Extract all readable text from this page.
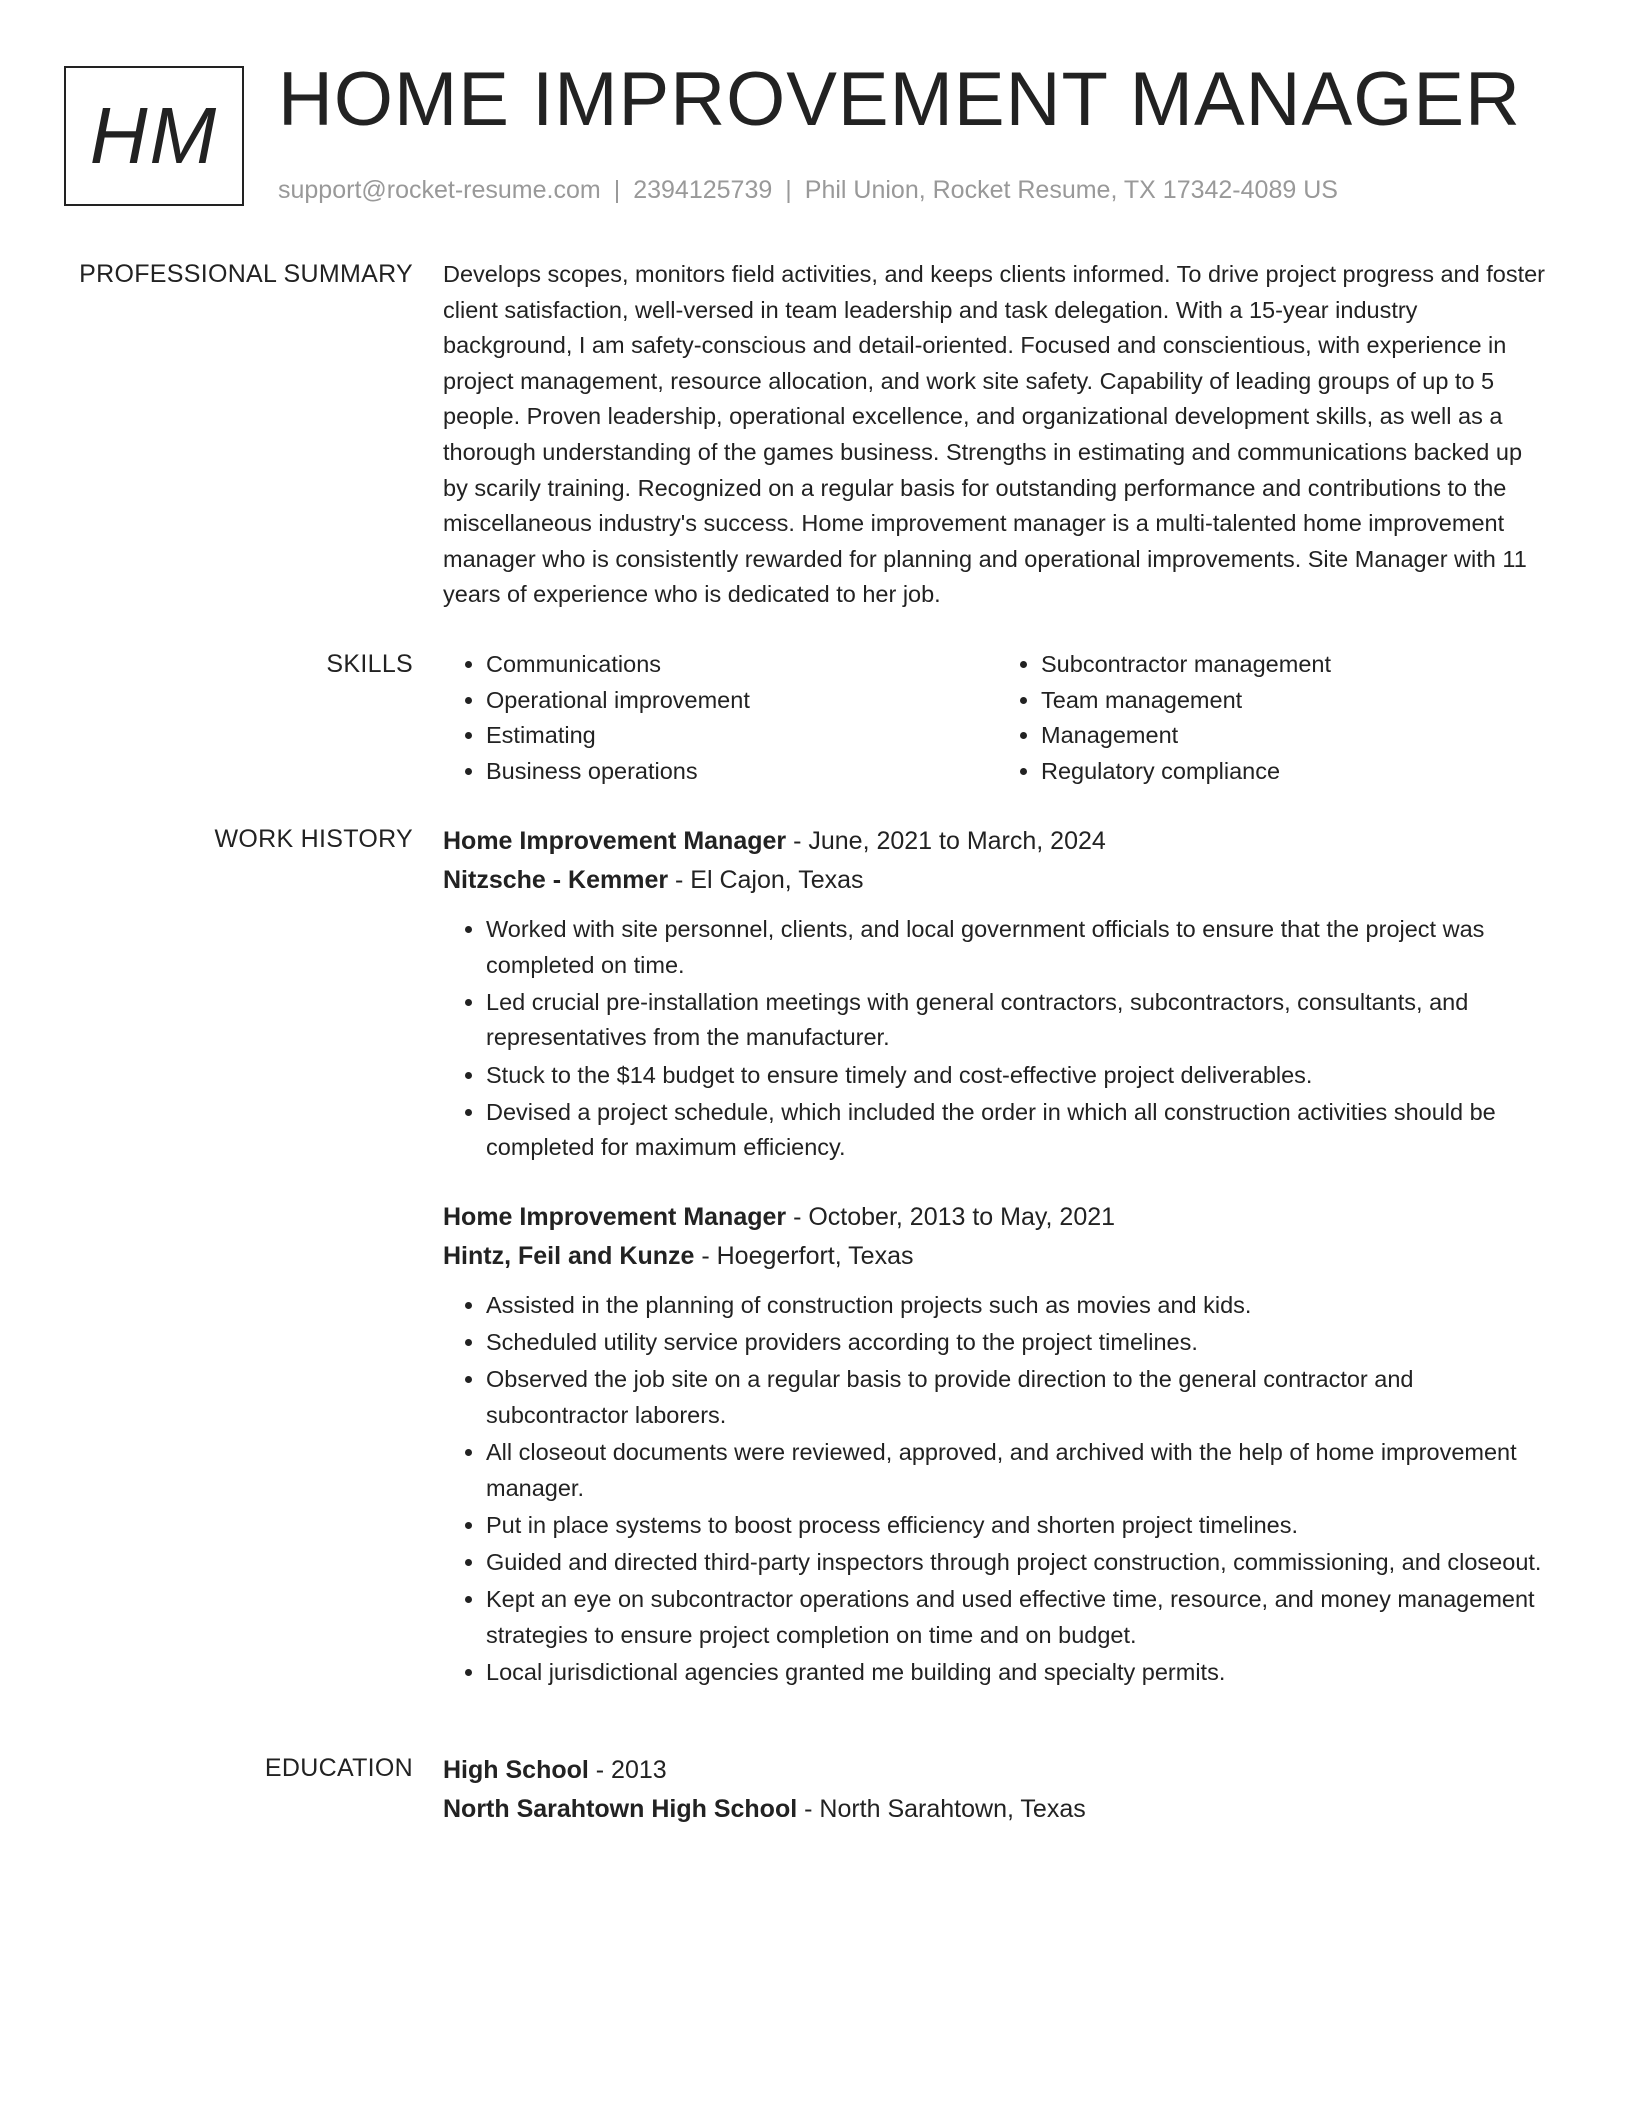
HM HOME IMPROVEMENT MANAGER
support@rocket-resume.com | 2394125739 | Phil Union, Rocket Resume, TX 17342-4089 US
PROFESSIONAL SUMMARY Develops scopes, monitors field activities, and keeps clients informed. To drive project progress and foster client satisfaction, well-versed in team leadership and task delegation. With a 15-year industry background, I am safety-conscious and detail-oriented. Focused and conscientious, with experience in project management, resource allocation, and work site safety. Capability of leading groups of up to 5 people. Proven leadership, operational excellence, and organizational development skills, as well as a thorough understanding of the games business. Strengths in estimating and communications backed up by scarily training. Recognized on a regular basis for outstanding performance and contributions to the miscellaneous industry's success. Home improvement manager is a multi-talented home improvement manager who is consistently rewarded for planning and operational improvements. Site Manager with 11 years of experience who is dedicated to her job.

SKILLS
•	Communications
• Operational improvement
• Estimating
• Business operations
• Subcontractor management
• Team management
• Management
• Regulatory compliance
WORK HISTORY Home Improvement Manager - June, 2021 to March, 2024
Nitzsche - Kemmer - El Cajon, Texas
• Worked with site personnel, clients, and local government officials to ensure that the project was completed on time.
• Led crucial pre-installation meetings with general contractors, subcontractors, consultants, and representatives from the manufacturer.
• Stuck to the $14 budget to ensure timely and cost-effective project deliverables.
• Devised a project schedule, which included the order in which all construction activities should be completed for maximum efficiency.
Home Improvement Manager - October, 2013 to May, 2021
Hintz, Feil and Kunze - Hoegerfort, Texas
• Assisted in the planning of construction projects such as movies and kids.
• Scheduled utility service providers according to the project timelines.
• Observed the job site on a regular basis to provide direction to the general contractor and subcontractor laborers.
• All closeout documents were reviewed, approved, and archived with the help of home improvement manager.
• Put in place systems to boost process efficiency and shorten project timelines.
• Guided and directed third-party inspectors through project construction, commissioning, and closeout.
• Kept an eye on subcontractor operations and used effective time, resource, and money management strategies to ensure project completion on time and on budget.
• Local jurisdictional agencies granted me building and specialty permits.
EDUCATION High School - 2013
North Sarahtown High School - North Sarahtown, Texas
